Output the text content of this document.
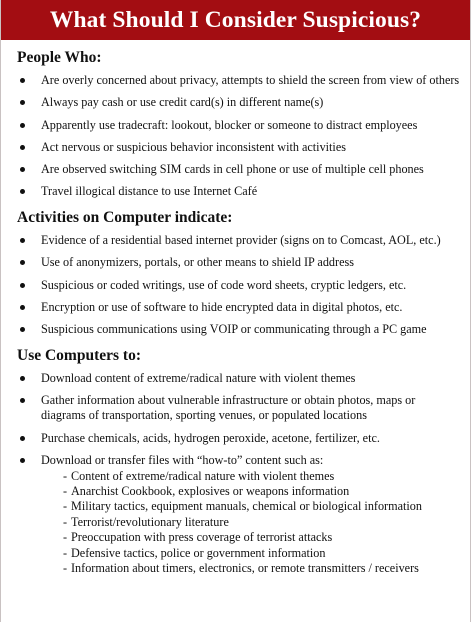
What Should I Consider Suspicious?
People Who:
Are overly concerned about privacy, attempts to shield the screen from view of others
Always pay cash or use credit card(s) in different name(s)
Apparently use tradecraft: lookout, blocker or someone to distract employees
Act nervous or suspicious behavior inconsistent with activities
Are observed switching SIM cards in cell phone or use of multiple cell phones
Travel illogical distance to use Internet Café
Activities on Computer indicate:
Evidence of a residential based internet provider (signs on to Comcast, AOL, etc.)
Use of anonymizers, portals, or other means to shield IP address
Suspicious or coded writings, use of code word sheets, cryptic ledgers, etc.
Encryption or use of software to hide encrypted data in digital photos, etc.
Suspicious communications using VOIP or communicating through a PC game
Use Computers to:
Download content of extreme/radical nature with violent themes
Gather information about vulnerable infrastructure or obtain photos, maps or diagrams of transportation, sporting venues, or populated locations
Purchase chemicals, acids, hydrogen peroxide, acetone, fertilizer, etc.
Download or transfer files with “how-to” content such as:
- Content of extreme/radical nature with violent themes
- Anarchist Cookbook, explosives or weapons information
- Military tactics, equipment manuals, chemical or biological information
- Terrorist/revolutionary literature
- Preoccupation with press coverage of terrorist attacks
- Defensive tactics, police or government information
- Information about timers, electronics, or remote transmitters / receivers
